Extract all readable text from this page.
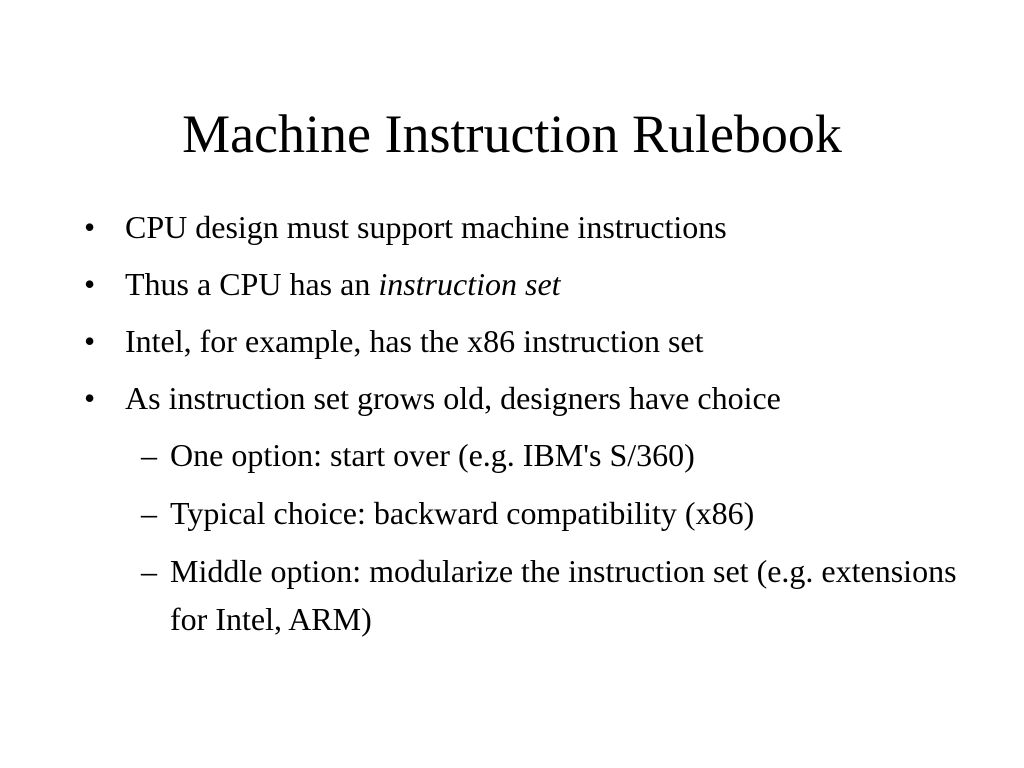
Machine Instruction Rulebook
• CPU design must support machine instructions
• Thus a CPU has an instruction set
• Intel, for example, has the x86 instruction set
• As instruction set grows old, designers have choice
– One option: start over (e.g. IBM's S/360)
– Typical choice: backward compatibility (x86)
– Middle option: modularize the instruction set (e.g. extensions for Intel, ARM)
